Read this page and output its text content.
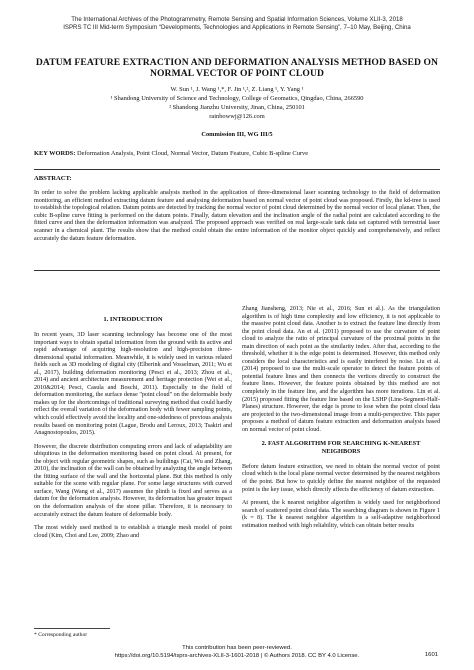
The International Archives of the Photogrammetry, Remote Sensing and Spatial Information Sciences, Volume XLII-3, 2018
ISPRS TC III Mid-term Symposium “Developments, Technologies and Applications in Remote Sensing”, 7–10 May, Beijing, China
DATUM FEATURE EXTRACTION AND DEFORMATION ANALYSIS METHOD BASED ON NORMAL VECTOR OF POINT CLOUD
W. Sun ¹, J. Wang ¹,*, F. Jin ¹,², Z. Liang ¹, Y. Yang ¹
¹ Shandong University of Science and Technology, College of Geomatics, Qingdao, China, 266590
² Shandong Jianzhu University, Jinan, China, 250101
rainbowwj@126.com
Commission III, WG III/5
KEY WORDS: Deformation Analysis, Point Cloud, Normal Vector, Datum Feature, Cubic B-spline Curve
ABSTRACT:
In order to solve the problem lacking applicable analysis method in the application of three-dimensional laser scanning technology to the field of deformation monitoring, an efficient method extracting datum feature and analysing deformation based on normal vector of point cloud was proposed. Firstly, the kd-tree is used to establish the topological relation. Datum points are detected by tracking the normal vector of point cloud determined by the normal vector of local planar. Then, the cubic B-spline curve fitting is performed on the datum points. Finally, datum elevation and the inclination angle of the radial point are calculated according to the fitted curve and then the deformation information was analyzed. The proposed approach was verified on real large-scale tank data set captured with terrestrial laser scanner in a chemical plant. The results show that the method could obtain the entire information of the monitor object quickly and comprehensively, and reflect accurately the datum feature deformation.
1. INTRODUCTION

In recent years, 3D laser scanning technology has become one of the most important ways to obtain spatial information from the ground with its active and rapid advantage of acquiring high-resolution and high-precision three-dimensional spatial information. Meanwhile, it is widely used in various related fields such as 3D modeling of digital city (Elberink and Vosselman, 2011; Wu et al., 2017), building deformation monitoring (Pesci et al., 2013; Zhou et al., 2014) and ancient architecture measurement and heritage protection (Wei et al., 2010&2014; Pesci, Casula and Boschi, 2011). Especially in the field of deformation monitoring, the surface dense "point cloud" on the deformable body makes up for the shortcomings of traditional surveying method that could hardly reflect the overall variation of the deformation body with fewer sampling points, which could effectively avoid the locality and one-sidedness of previous analysis results based on monitoring point (Lague, Brodu and Leroux, 2013; Tsakiri and Anagnostopoulos, 2015).

However, the discrete distribution computing errors and lack of adaptability are ubiquitous in the deformation monitoring based on point cloud. At present, for the object with regular geometric shapes, such as buildings (Cai, Wu and Zhang, 2010), the inclination of the wall can be obtained by analyzing the angle between the fitting surface of the wall and the horizontal plane. But this method is only suitable for the scene with regular plane. For some large structures with curved surface, Wang (Wang et al., 2017) assumes the plinth is fixed and serves as a datum for the deformation analysis. However, its deformation has greater impact on the deformation analysis of the stone pillar. Therefore, it is necessary to accurately extract the datum feature of deformable body.

The most widely used method is to establish a triangle mesh model of point cloud (Kim, Choi and Lee, 2009; Zhao and

Zhang Jiansheng, 2013; Nie et al., 2016; Sun et al.). As the triangulation algorithm is of high time complexity and low efficiency, it is not applicable to the massive point cloud data. Another is to extract the feature line directly from the point cloud data. An et al. (2011) proposed to use the curvature of point cloud to analyze the ratio of principal curvature of the proximal points in the main direction of each point as the similarity index. After that, according to the threshold, whether it is the edge point is determined. However, this method only considers the local characteristics and is easily interfered by noise. Liu et al. (2014) proposed to use the multi-scale operator to detect the feature points of potential feature lines and then connects the vertices directly to construct the feature lines. However, the feature points obtained by this method are not completely in the feature line, and the algorithm has more iterations. Lin et al. (2015) proposed fitting the feature line based on the LSHP (Line-Segment-Half-Planes) structure. However, the edge is prone to lose when the point cloud data are projected to the two-dimensional image from a multi-perspective. This paper proposes a method of datum feature extraction and deformation analysis based on normal vector of point cloud.

2. FAST ALGORITHM FOR SEARCHING K-NEAREST NEIGHBORS

Before datum feature extraction, we need to obtain the normal vector of point cloud which is the local plane normal vector determined by the nearest neighbors of the point. But how to quickly define the nearest neighbor of the requested point is the key issue, which directly affects the efficiency of datum extraction.

At present, the k nearest neighbor algorithm is widely used for neighborhood search of scattered point cloud data. The searching diagram is shown in Figure 1 (k = 8). The k nearest neighbor algorithm is a self-adaptive neighborhood estimation method with high reliability, which can obtain better results

* Corresponding author
This contribution has been peer-reviewed.
https://doi.org/10.5194/isprs-archives-XLII-3-1601-2018 | © Authors 2018. CC BY 4.0 License.	1601
